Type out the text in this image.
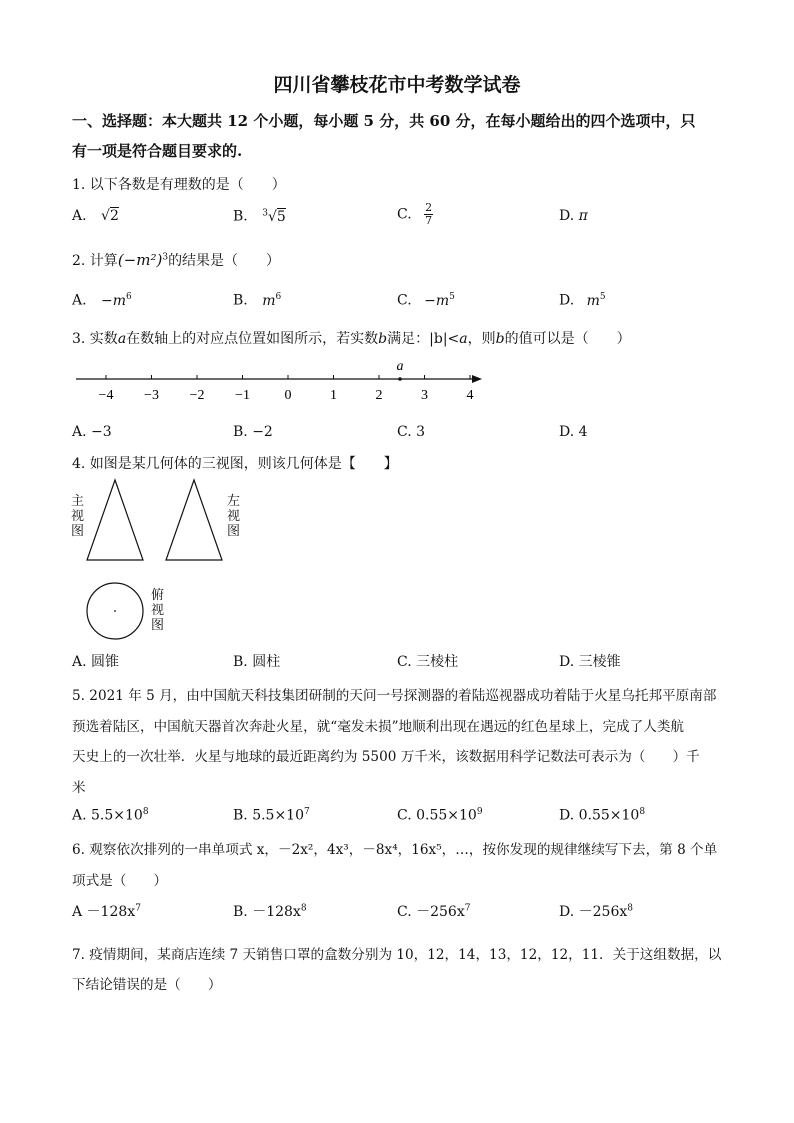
四川省攀枝花市中考数学试卷
一、选择题：本大题共 12 个小题，每小题 5 分，共 60 分，在每小题给出的四个选项中，只
有一项是符合题目要求的.
1. 以下各数是有理数的是（　　）
A. √2	B. $^3$√5	C. $\frac{2}{7}$	D. π
2. 计算$(-m^2)^3$的结果是（　　）
A. $-m^6$	B. $m^6$	C. $-m^5$	D. $m^5$
3. 实数a在数轴上的对应点位置如图所示，若实数b满足：|b|<a，则b的值可以是（　　）
−4 −3 −2 −1 0	1	2	3	4
a
A. −3	B. −2	C. 3	D. 4
4. 如图是某几何体的三视图，则该几何体是【　　】
主视图
左视图
俯视图
A. 圆锥	B. 圆柱	C. 三棱柱	D. 三棱锥
5. 2021 年 5 月，由中国航天科技集团研制的天问一号探测器的着陆巡视器成功着陆于火星乌托邦平原南部
预选着陆区，中国航天器首次奔赴火星，就“毫发未损”地顺利出现在遇远的红色星球上，完成了人类航
天史上的一次壮举．火星与地球的最近距离约为 5500 万千米，该数据用科学记数法可表示为（　　）千
米
A. $5.5\times 10^8$	B. $5.5\times 10^7$	C. $0.55\times 10^9$	D. $0.55\times 10^8$
6. 观察依次排列的一串单项式 x，－2x²，4x³，－8x⁴，16x⁵，…，按你发现的规律继续写下去，第 8 个单
项式是（　　）
$A -128x^7$	B. $-128x^8$	C. $-256x^7$	D. $-256x^8$
7. 疫情期间，某商店连续 7 天销售口罩的盒数分别为 10，12，14，13，12，12，11．关于这组数据，以
下结论错误的是（　　）
